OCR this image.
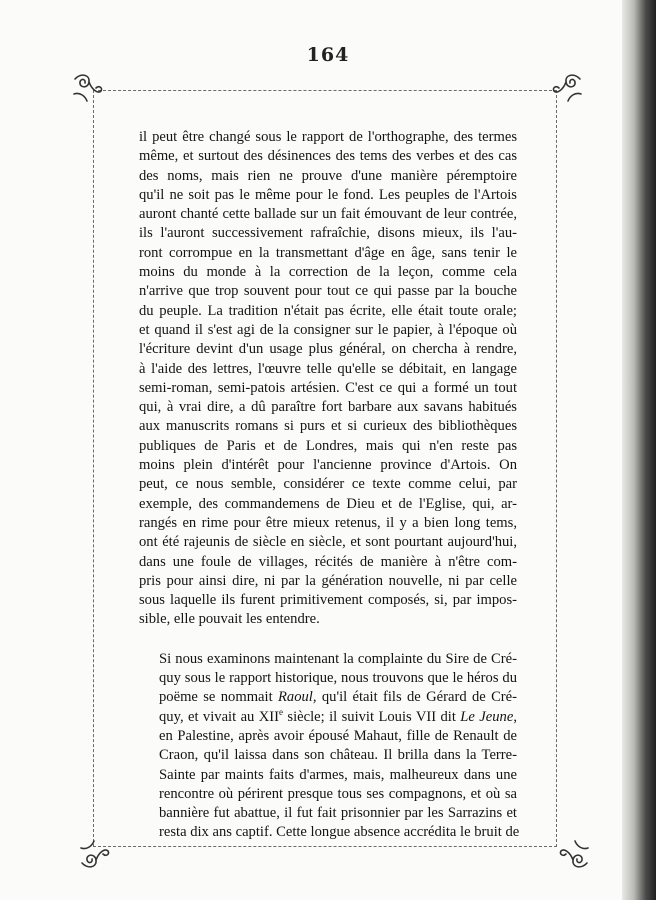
164

il peut être changé sous le rapport de l'orthographe, des termes
même, et surtout des désinences des tems des verbes et des cas
des noms, mais rien ne prouve d'une manière péremptoire
qu'il ne soit pas le même pour le fond. Les peuples de l'Artois
auront chanté cette ballade sur un fait émouvant de leur contrée,
ils l'auront successivement rafraîchie, disons mieux, ils l'au-
ront corrompue en la transmettant d'âge en âge, sans tenir le
moins du monde à la correction de la leçon, comme cela
n'arrive que trop souvent pour tout ce qui passe par la bouche
du peuple. La tradition n'était pas écrite, elle était toute orale;
et quand il s'est agi de la consigner sur le papier, à l'époque où
l'écriture devint d'un usage plus général, on chercha à rendre,
à l'aide des lettres, l'œuvre telle qu'elle se débitait, en langage
semi-roman, semi-patois artésien. C'est ce qui a formé un tout
qui, à vrai dire, a dû paraître fort barbare aux savans habitués
aux manuscrits romans si purs et si curieux des bibliothèques
publiques de Paris et de Londres, mais qui n'en reste pas
moins plein d'intérêt pour l'ancienne province d'Artois. On
peut, ce nous semble, considérer ce texte comme celui, par
exemple, des commandemens de Dieu et de l'Eglise, qui, ar-
rangés en rime pour être mieux retenus, il y a bien long tems,
ont été rajeunis de siècle en siècle, et sont pourtant aujourd'hui,
dans une foule de villages, récités de manière à n'être com-
pris pour ainsi dire, ni par la génération nouvelle, ni par celle
sous laquelle ils furent primitivement composés, si, par impos-
sible, elle pouvait les entendre.

Si nous examinons maintenant la complainte du Sire de Cré-
quy sous le rapport historique, nous trouvons que le héros du
poëme se nommait Raoul, qu'il était fils de Gérard de Cré-
quy, et vivait au XIIe siècle; il suivit Louis VII dit Le Jeune,
en Palestine, après avoir épousé Mahaut, fille de Renault de
Craon, qu'il laissa dans son château. Il brilla dans la Terre-
Sainte par maints faits d'armes, mais, malheureux dans une
rencontre où périrent presque tous ses compagnons, et où sa
bannière fut abattue, il fut fait prisonnier par les Sarrazins et
resta dix ans captif. Cette longue absence accrédita le bruit de
